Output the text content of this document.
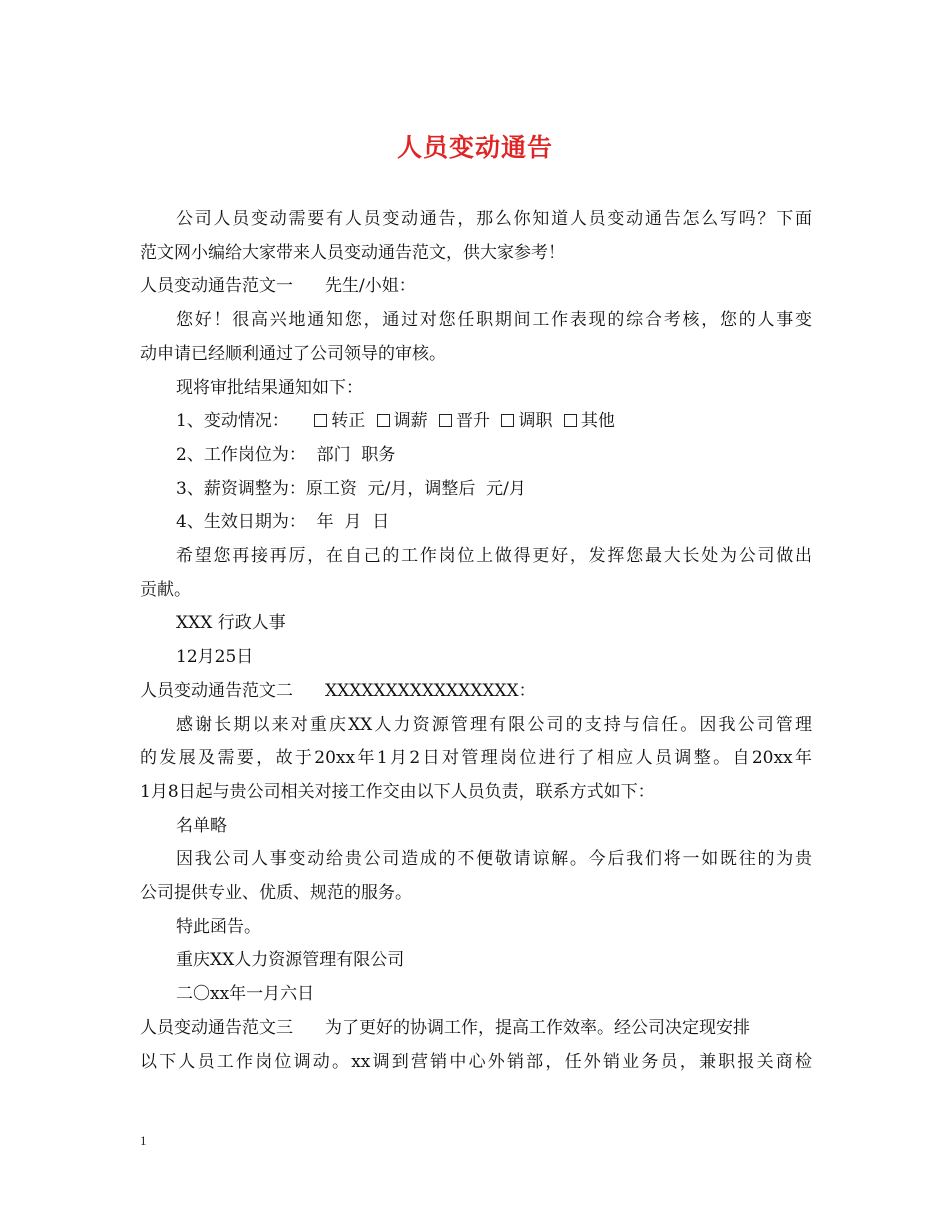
人员变动通告
公司人员变动需要有人员变动通告，那么你知道人员变动通告怎么写吗？下面
范文网小编给大家带来人员变动通告范文，供大家参考！
人员变动通告范文一 先生/小姐：
您好！很高兴地通知您，通过对您任职期间工作表现的综合考核，您的人事变
动申请已经顺利通过了公司领导的审核。
现将审批结果通知如下：
1、变动情况： 转正 调薪 晋升 调职 其他
2、工作岗位为：  部门  职务
3、薪资调整为：原工资  元/月，调整后  元/月
4、生效日期为：  年  月  日
希望您再接再厉，在自己的工作岗位上做得更好，发挥您最大长处为公司做出
贡献。
XXX 行政人事
12月25日
人员变动通告范文二 XXXXXXXXXXXXXXXX：
感谢长期以来对重庆XX人力资源管理有限公司的支持与信任。因我公司管理
的发展及需要，故于20xx年1月2日对管理岗位进行了相应人员调整。自20xx年
1月8日起与贵公司相关对接工作交由以下人员负责，联系方式如下：
名单略
因我公司人事变动给贵公司造成的不便敬请谅解。今后我们将一如既往的为贵
公司提供专业、优质、规范的服务。
特此函告。
重庆XX人力资源管理有限公司
二〇xx年一月六日
人员变动通告范文三 为了更好的协调工作，提高工作效率。经公司决定现安排
以下人员工作岗位调动。xx调到营销中心外销部，任外销业务员，兼职报关商检
1
